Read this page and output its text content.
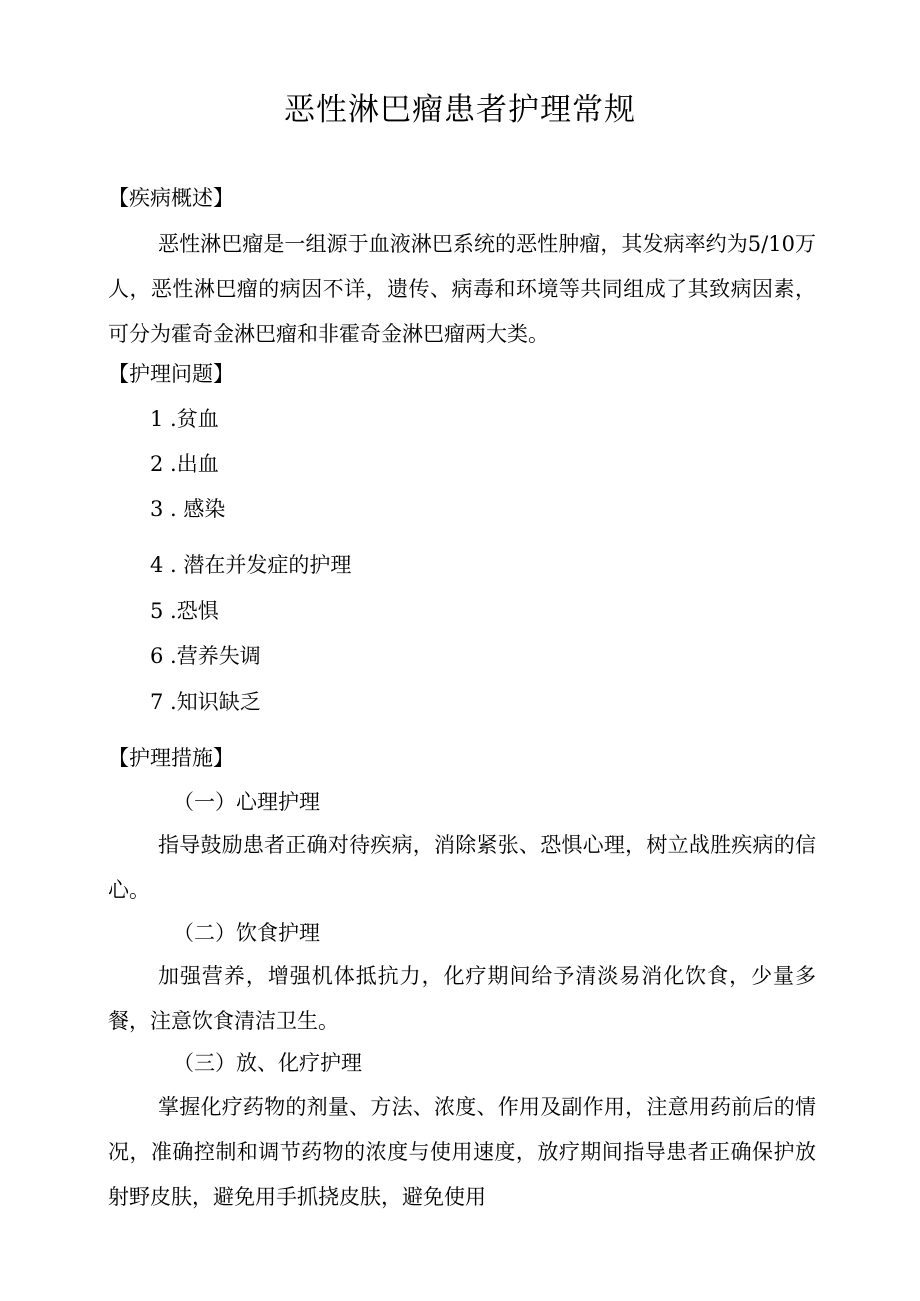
恶性淋巴瘤患者护理常规
【疾病概述】

恶性淋巴瘤是一组源于血液淋巴系统的恶性肿瘤，其发病率约为5/10万人，恶性淋巴瘤的病因不详，遗传、病毒和环境等共同组成了其致病因素，可分为霍奇金淋巴瘤和非霍奇金淋巴瘤两大类。

【护理问题】
1 .贫血
2 .出血
3 . 感染
4 . 潜在并发症的护理
5 .恐惧
6 .营养失调
7 .知识缺乏
【护理措施】
（一）心理护理

指导鼓励患者正确对待疾病，消除紧张、恐惧心理，树立战胜疾病的信心。

（二）饮食护理

加强营养，增强机体抵抗力，化疗期间给予清淡易消化饮食，少量多餐，注意饮食清洁卫生。

（三）放、化疗护理

掌握化疗药物的剂量、方法、浓度、作用及副作用，注意用药前后的情况，准确控制和调节药物的浓度与使用速度，放疗期间指导患者正确保护放射野皮肤，避免用手抓挠皮肤，避免使用
